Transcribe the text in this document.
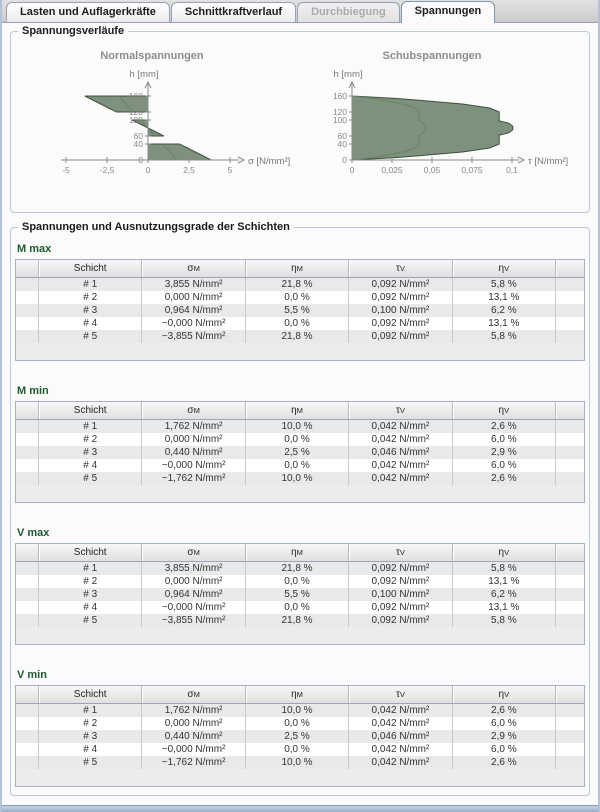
Lasten und Auflagerkräfte	Schnittkraftverlauf	Durchbiegung	Spannungen
Spannungsverläufe
-5	-2,5	0	2,5	5
0
40
60
100
120
160
Normalspannungen
h [mm]
σ [N/mm²]
0	0,025 0,05 0,075	0,1
0
40
60
100
120
160
Schubspannungen
h [mm]
τ [N/mm²]
Spannungen und Ausnutzungsgrade der Schichten
M max
Schicht	σ M	η M	τ V	η V
# 1	3,855 N/mm²	21,8 %	0,092 N/mm²	5,8 %
# 2	0,000 N/mm²	0,0 %	0,092 N/mm²	13,1 %
# 3	0,964 N/mm²	5,5 %	0,100 N/mm²	6,2 %
# 4	−0,000 N/mm²	0,0 %	0,092 N/mm²	13,1 %
# 5	−3,855 N/mm²	21,8 %	0,092 N/mm²	5,8 %
M min
Schicht	σ M	η M	τ V	η V
# 1	1,762 N/mm²	10,0 %	0,042 N/mm²	2,6 %
# 2	0,000 N/mm²	0,0 %	0,042 N/mm²	6,0 %
# 3	0,440 N/mm²	2,5 %	0,046 N/mm²	2,9 %
# 4	−0,000 N/mm²	0,0 %	0,042 N/mm²	6,0 %
# 5	−1,762 N/mm²	10,0 %	0,042 N/mm²	2,6 %
V max
Schicht	σ M	η M	τ V	η V
# 1	3,855 N/mm²	21,8 %	0,092 N/mm²	5,8 %
# 2	0,000 N/mm²	0,0 %	0,092 N/mm²	13,1 %
# 3	0,964 N/mm²	5,5 %	0,100 N/mm²	6,2 %
# 4	−0,000 N/mm²	0,0 %	0,092 N/mm²	13,1 %
# 5	−3,855 N/mm²	21,8 %	0,092 N/mm²	5,8 %
V min
Schicht	σ M	η M	τ V	η V
# 1	1,762 N/mm²	10,0 %	0,042 N/mm²	2,6 %
# 2	0,000 N/mm²	0,0 %	0,042 N/mm²	6,0 %
# 3	0,440 N/mm²	2,5 %	0,046 N/mm²	2,9 %
# 4	−0,000 N/mm²	0,0 %	0,042 N/mm²	6,0 %
# 5	−1,762 N/mm²	10,0 %	0,042 N/mm²	2,6 %
